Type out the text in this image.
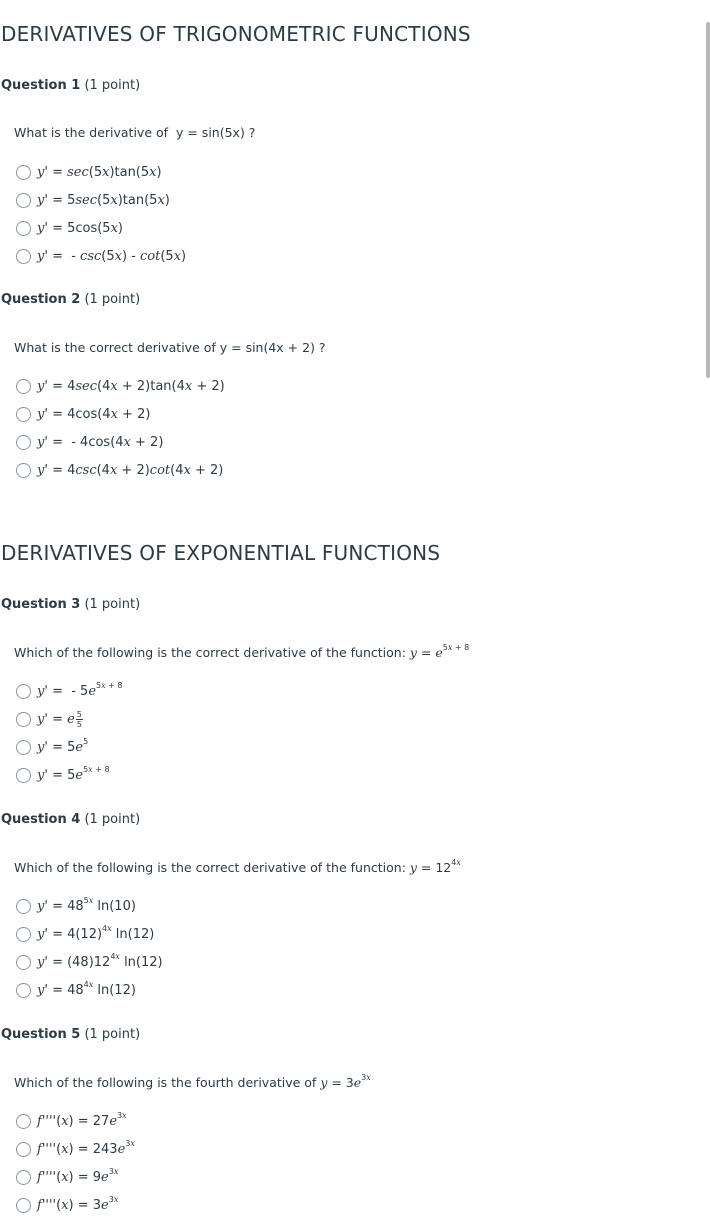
DERIVATIVES OF TRIGONOMETRIC FUNCTIONS
Question 1 (1 point)
What is the derivative of  y = sin(5x) ?
y' = sec(5x)tan(5x)
y' = 5sec(5x)tan(5x)
y' = 5cos(5x)
y' =  - csc(5x) - cot(5x)
Question 2 (1 point)
What is the correct derivative of y = sin(4x + 2) ?
y' = 4sec(4x + 2)tan(4x + 2)
y' = 4cos(4x + 2)
y' =  - 4cos(4x + 2)
y' = 4csc(4x + 2)cot(4x + 2)
DERIVATIVES OF EXPONENTIAL FUNCTIONS
Question 3 (1 point)
Which of the following is the correct derivative of the function: $y = e^{5x + 8}$
y' =  - $5e^{5x + 8}$
y' = e $\frac{5}{5}$
$y' = 5e^5$
$y' = 5e^{5x + 8}$
Question 4 (1 point)
Which of the following is the correct derivative of the function: $y = 12^{4x}$
$y' = 48^{5x}$ ln(10)
$y' = 4(12)^{4x}$ ln(12)
$y' = (48)12^{4x}$ ln(12)
$y' = 48^{4x}$ ln(12)
Question 5 (1 point)
Which of the following is the fourth derivative of $y = 3e^{3x}$
$f''''(x) = 27e^{3x}$
$f''''(x) = 243e^{3x}$
$f''''(x) = 9e^{3x}$
$f''''(x) = 3e^{3x}$
